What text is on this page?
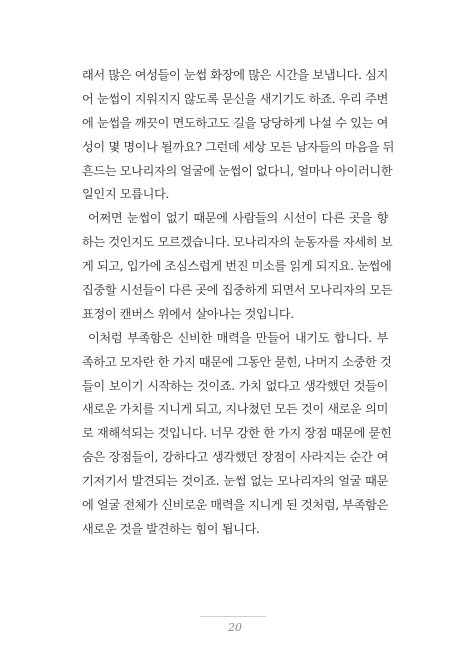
래서 많은 여성들이 눈썹 화장에 많은 시간을 보냅니다. 심지
어 눈썹이 지워지지 않도록 문신을 새기기도 하죠. 우리 주변
에 눈썹을 깨끗이 면도하고도 길을 당당하게 나설 수 있는 여
성이 몇 명이나 될까요? 그런데 세상 모든 남자들의 마음을 뒤
흔드는 모나리자의 얼굴에 눈썹이 없다니, 얼마나 아이러니한
일인지 모릅니다.
어쩌면 눈썹이 없기 때문에 사람들의 시선이 다른 곳을 향
하는 것인지도 모르겠습니다. 모나리자의 눈동자를 자세히 보
게 되고, 입가에 조심스럽게 번진 미소를 읽게 되지요. 눈썹에
집중할 시선들이 다른 곳에 집중하게 되면서 모나리자의 모든
표정이 캔버스 위에서 살아나는 것입니다.
이처럼 부족함은 신비한 매력을 만들어 내기도 합니다. 부
족하고 모자란 한 가지 때문에 그동안 묻힌, 나머지 소중한 것
들이 보이기 시작하는 것이죠. 가치 없다고 생각했던 것들이
새로운 가치를 지니게 되고, 지나쳤던 모든 것이 새로운 의미
로 재해석되는 것입니다. 너무 강한 한 가지 장점 때문에 묻힌
숨은 장점들이, 강하다고 생각했던 장점이 사라지는 순간 여
기저기서 발견되는 것이죠. 눈썹 없는 모나리자의 얼굴 때문
에 얼굴 전체가 신비로운 매력을 지니게 된 것처럼, 부족함은
새로운 것을 발견하는 힘이 됩니다.
20
